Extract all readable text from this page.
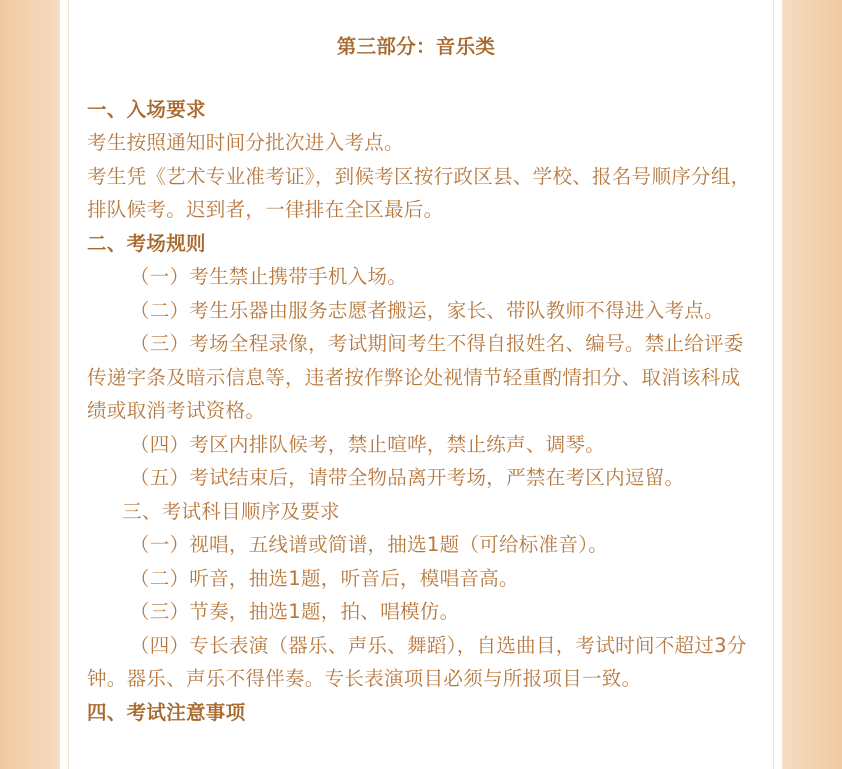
第三部分：音乐类

一、入场要求

考生按照通知时间分批次进入考点。

考生凭《艺术专业准考证》，到候考区按行政区县、学校、报名号顺序分组，排队候考。迟到者，一律排在全区最后。

二、考场规则

（一）考生禁止携带手机入场。

（二）考生乐器由服务志愿者搬运，家长、带队教师不得进入考点。

（三）考场全程录像，考试期间考生不得自报姓名、编号。禁止给评委传递字条及暗示信息等，违者按作弊论处视情节轻重酌情扣分、取消该科成绩或取消考试资格。

（四）考区内排队候考，禁止喧哗，禁止练声、调琴。

（五）考试结束后，请带全物品离开考场，严禁在考区内逗留。

三、考试科目顺序及要求

（一）视唱，五线谱或简谱，抽选1题（可给标准音）。

（二）听音，抽选1题，听音后，模唱音高。

（三）节奏，抽选1题，拍、唱模仿。

（四）专长表演（器乐、声乐、舞蹈），自选曲目，考试时间不超过3分钟。器乐、声乐不得伴奏。专长表演项目必须与所报项目一致。

四、考试注意事项
